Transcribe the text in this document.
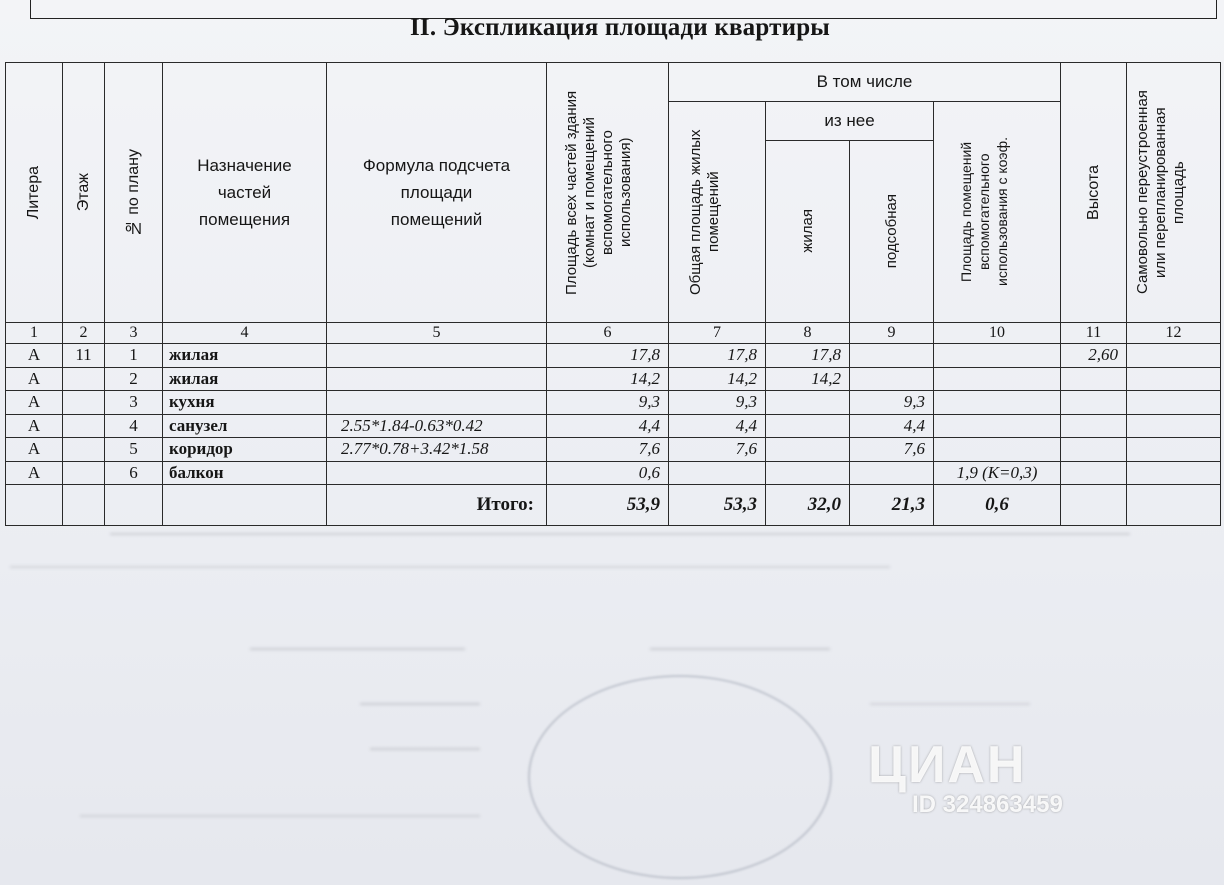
II. Экспликация площади квартиры
Литера	Этаж	№ по плану	Назначение частей помещения	Формула подсчета площади помещений	Площадь всех частей здания (комнат и помещений вспомогательного использования)	В том числе				Высота	Самовольно переустроенная или перепланированная площадь

						Общая площадь жилых помещений	из нее		Площадь помещений вспомогательного использования с коэф.		

							жилая	подсобная			

1	2	3	4	5	6	7	8	9	10	11	12
А	11	1	жилая		17,8	17,8	17,8			2,60	
А		2	жилая		14,2	14,2	14,2				
А		3	кухня		9,3	9,3		9,3			
А		4	санузел	2.55*1.84-0.63*0.42	4,4	4,4		4,4			
А		5	коридор	2.77*0.78+3.42*1.58	7,6	7,6		7,6			
А		6	балкон		0,6				1,9 (К=0,3)		
				Итого:	53,9	53,3	32,0	21,3	0,6		
ЦИАН
ID 324863459
